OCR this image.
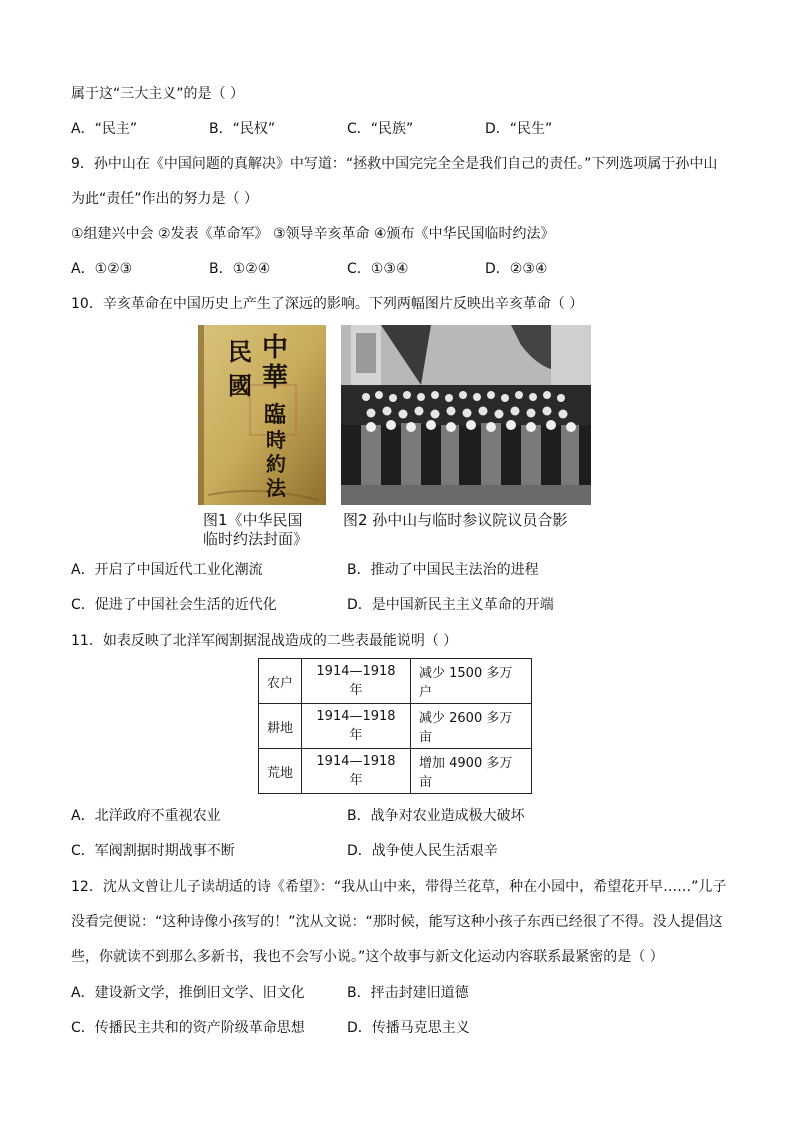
属于这“三大主义”的是（ ）
A．“民主”	B．“民权”	C．“民族”	D．“民生”
9．孙中山在《中国问题的真解决》中写道：“拯救中国完完全全是我们自己的责任。”下列选项属于孙中山
为此“责任”作出的努力是（ ）
①组建兴中会 ②发表《革命军》 ③领导辛亥革命 ④颁布《中华民国临时约法》
A．①②③	B．①②④	C．①③④	D．②③④
10．辛亥革命在中国历史上产生了深远的影响。下列两幅图片反映出辛亥革命（ ）
中
華
民
國
臨
時
約
法
图1《中华民国
临时约法封面》
图2 孙中山与临时参议院议员合影
A．开启了中国近代工业化潮流	B．推动了中国民主法治的进程
C．促进了中国社会生活的近代化	D．是中国新民主主义革命的开端
11．如表反映了北洋军阀割据混战造成的二些表最能说明（ ）
农户	1914—1918年	减少 1500 多万户
耕地	1914—1918年	减少 2600 多万亩
荒地	1914—1918年	增加 4900 多万亩
A．北洋政府不重视农业	B．战争对农业造成极大破坏
C．军阀割据时期战事不断	D．战争使人民生活艰辛
12．沈从文曾让儿子读胡适的诗《希望》：“我从山中来，带得兰花草，种在小园中，希望花开早……”儿子
没看完便说：“这种诗像小孩写的！”沈从文说：“那时候，能写这种小孩子东西已经很了不得。没人提倡这
些，你就读不到那么多新书，我也不会写小说。”这个故事与新文化运动内容联系最紧密的是（ ）
A．建设新文学，推倒旧文学、旧文化	B．抨击封建旧道德
C．传播民主共和的资产阶级革命思想	D．传播马克思主义
